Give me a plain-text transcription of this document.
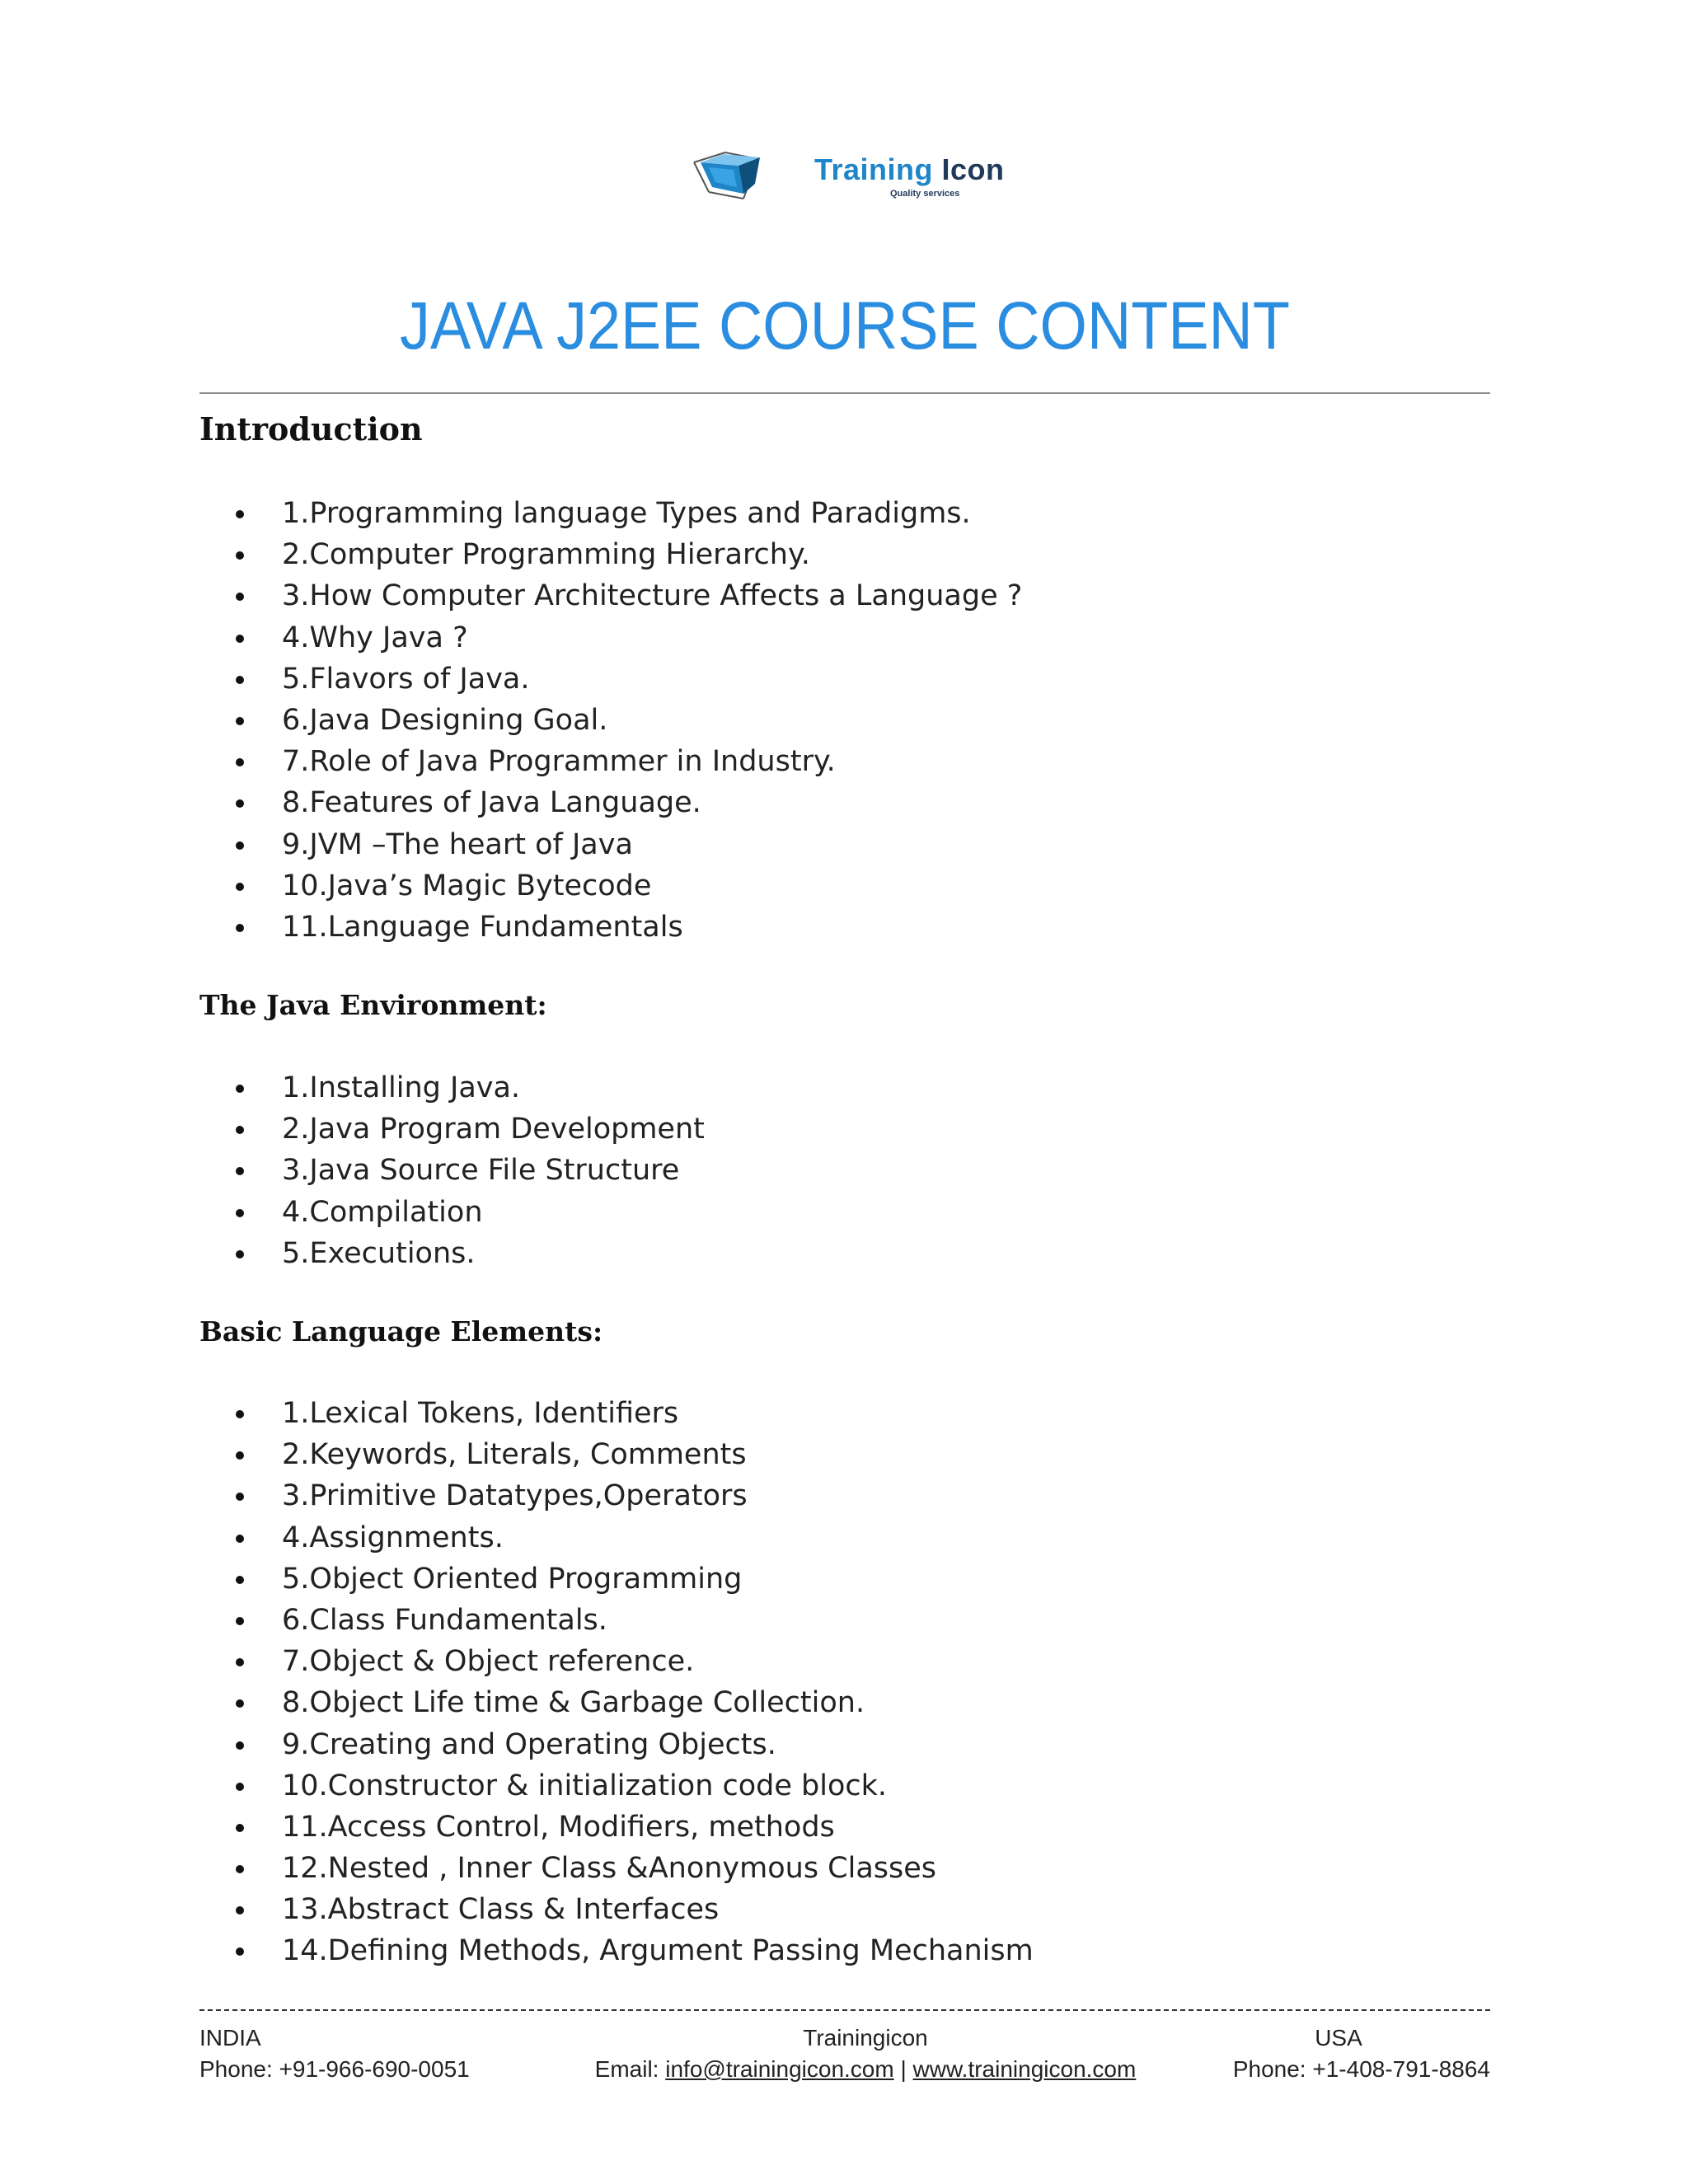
Training Icon
Quality services
JAVA J2EE COURSE CONTENT
Introduction
1.Programming language Types and Paradigms.
2.Computer Programming Hierarchy.
3.How Computer Architecture Affects a Language ?
4.Why Java ?
5.Flavors of Java.
6.Java Designing Goal.
7.Role of Java Programmer in Industry.
8.Features of Java Language.
9.JVM –The heart of Java
10.Java’s Magic Bytecode
11.Language Fundamentals
The Java Environment:
1.Installing Java.
2.Java Program Development
3.Java Source File Structure
4.Compilation
5.Executions.
Basic Language Elements:
1.Lexical Tokens, Identifiers
2.Keywords, Literals, Comments
3.Primitive Datatypes,Operators
4.Assignments.
5.Object Oriented Programming
6.Class Fundamentals.
7.Object & Object reference.
8.Object Life time & Garbage Collection.
9.Creating and Operating Objects.
10.Constructor & initialization code block.
11.Access Control, Modifiers, methods
12.Nested , Inner Class &Anonymous Classes
13.Abstract Class & Interfaces
14.Defining Methods, Argument Passing Mechanism
INDIA
Phone: +91-966-690-0051
Trainingicon
Email: info@trainingicon.com | www.trainingicon.com
USA
Phone: +1-408-791-8864
